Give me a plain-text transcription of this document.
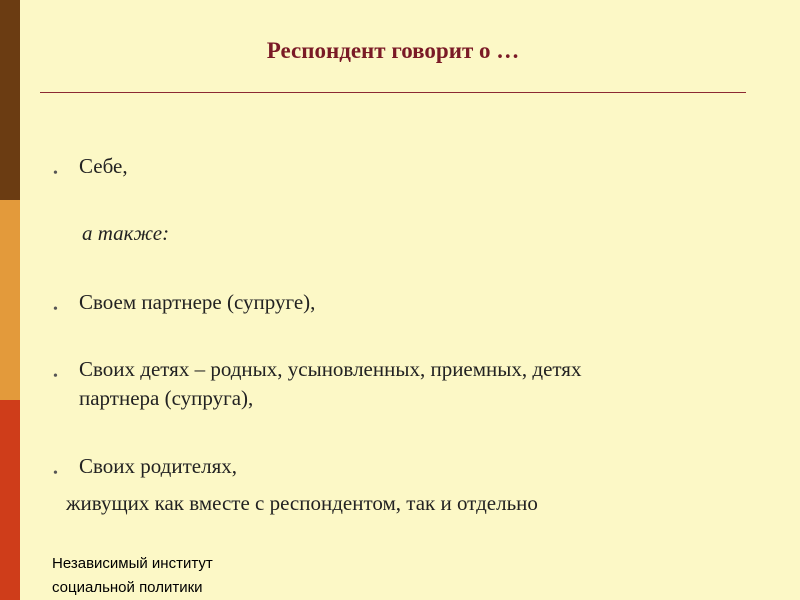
Респондент говорит о …
• Себе,
а также:
• Своем партнере (супруге),
• Своих детях – родных, усыновленных, приемных, детях
партнера (супруга),
• Своих родителях,
живущих как вместе с респондентом, так и отдельно
Независимый институт
социальной политики
